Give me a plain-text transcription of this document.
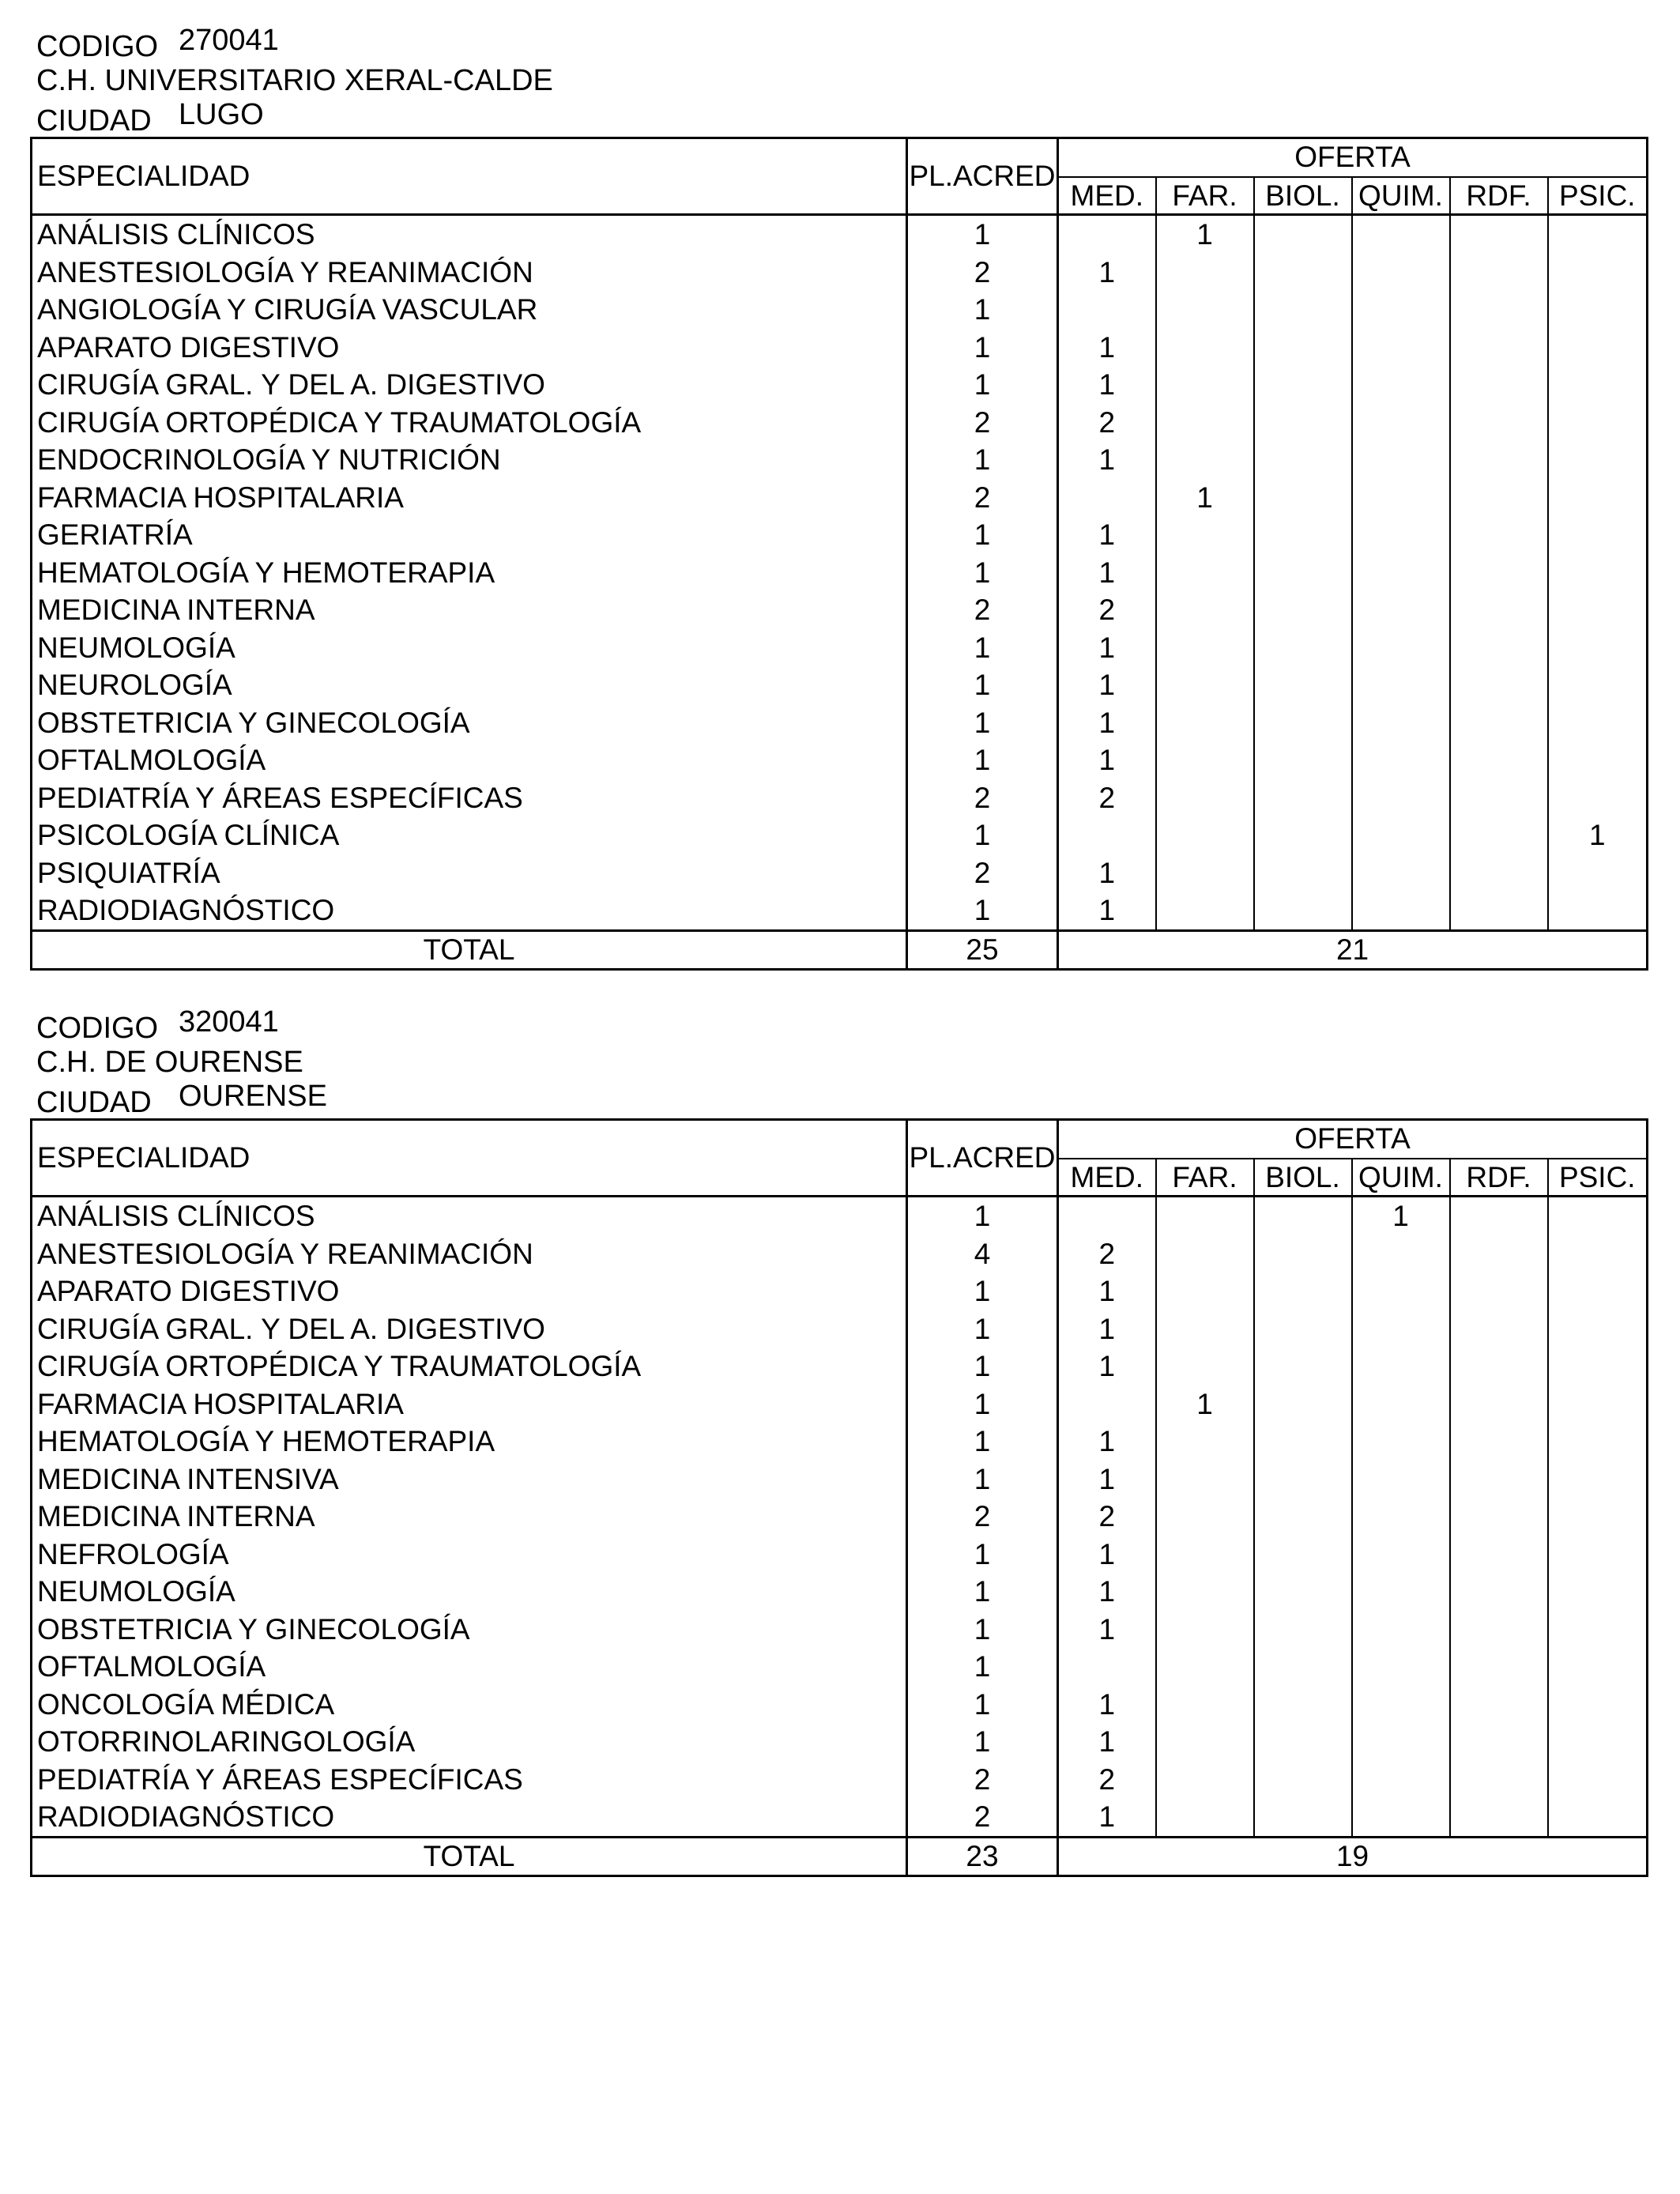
CODIGO 270041
C.H. UNIVERSITARIO XERAL-CALDE
CIUDAD LUGO
ESPECIALIDAD	PL.ACRED	OFERTA					
		MED.	FAR.	BIOL.	QUIM.	RDF.	PSIC.
ANÁLISIS CLÍNICOS	1		1				
ANESTESIOLOGÍA Y REANIMACIÓN	2	1					
ANGIOLOGÍA Y CIRUGÍA VASCULAR	1						
APARATO DIGESTIVO	1	1					
CIRUGÍA GRAL. Y DEL A. DIGESTIVO	1	1					
CIRUGÍA ORTOPÉDICA Y TRAUMATOLOGÍA	2	2					
ENDOCRINOLOGÍA Y NUTRICIÓN	1	1					
FARMACIA HOSPITALARIA	2		1				
GERIATRÍA	1	1					
HEMATOLOGÍA Y HEMOTERAPIA	1	1					
MEDICINA INTERNA	2	2					
NEUMOLOGÍA	1	1					
NEUROLOGÍA	1	1					
OBSTETRICIA Y GINECOLOGÍA	1	1					
OFTALMOLOGÍA	1	1					
PEDIATRÍA Y ÁREAS ESPECÍFICAS	2	2					
PSICOLOGÍA CLÍNICA	1						1
PSIQUIATRÍA	2	1					
RADIODIAGNÓSTICO	1	1					
TOTAL	25	21					
CODIGO 320041
C.H. DE OURENSE
CIUDAD OURENSE
ESPECIALIDAD	PL.ACRED	OFERTA					
		MED.	FAR.	BIOL.	QUIM.	RDF.	PSIC.
ANÁLISIS CLÍNICOS	1				1		
ANESTESIOLOGÍA Y REANIMACIÓN	4	2					
APARATO DIGESTIVO	1	1					
CIRUGÍA GRAL. Y DEL A. DIGESTIVO	1	1					
CIRUGÍA ORTOPÉDICA Y TRAUMATOLOGÍA	1	1					
FARMACIA HOSPITALARIA	1		1				
HEMATOLOGÍA Y HEMOTERAPIA	1	1					
MEDICINA INTENSIVA	1	1					
MEDICINA INTERNA	2	2					
NEFROLOGÍA	1	1					
NEUMOLOGÍA	1	1					
OBSTETRICIA Y GINECOLOGÍA	1	1					
OFTALMOLOGÍA	1						
ONCOLOGÍA MÉDICA	1	1					
OTORRINOLARINGOLOGÍA	1	1					
PEDIATRÍA Y ÁREAS ESPECÍFICAS	2	2					
RADIODIAGNÓSTICO	2	1					
TOTAL	23	19					
